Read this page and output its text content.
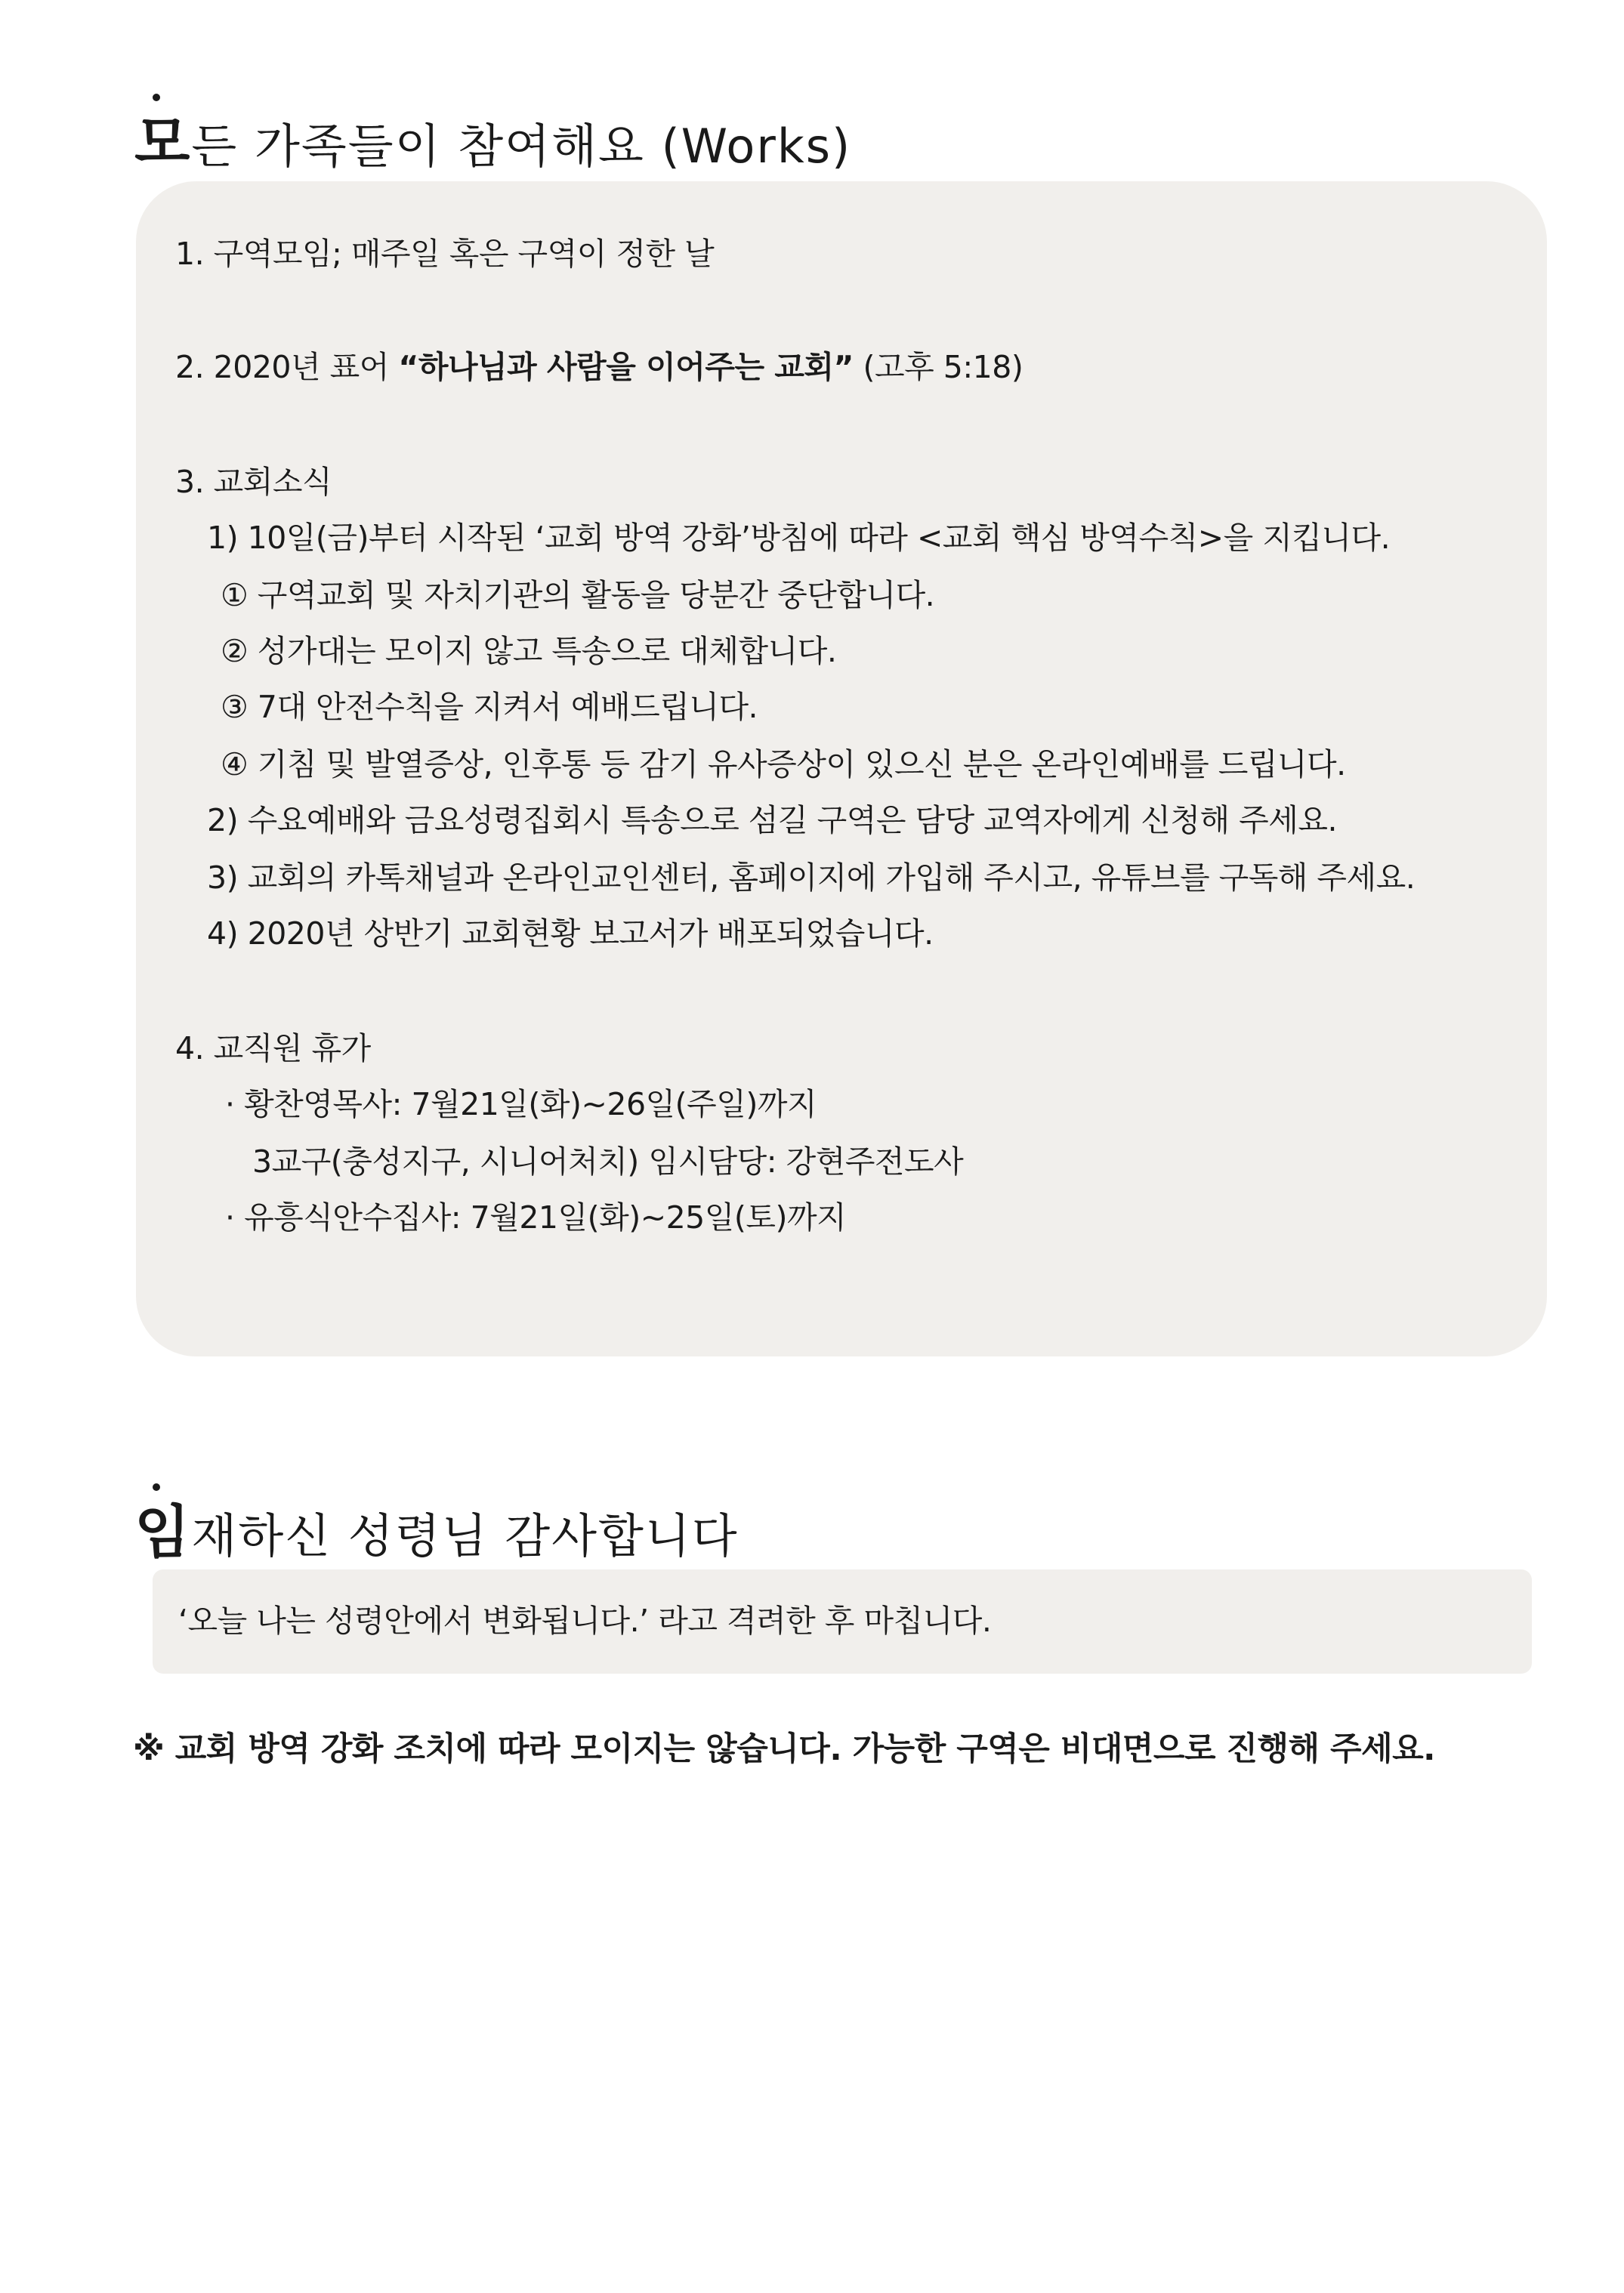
모든 가족들이 참여해요 (Works)
1. 구역모임; 매주일 혹은 구역이 정한 날
2. 2020년 표어 “하나님과 사람을 이어주는 교회” (고후 5:18)
3. 교회소식
1) 10일(금)부터 시작된 ‘교회 방역 강화’방침에 따라 <교회 핵심 방역수칙>을 지킵니다.
① 구역교회 및 자치기관의 활동을 당분간 중단합니다.
② 성가대는 모이지 않고 특송으로 대체합니다.
③ 7대 안전수칙을 지켜서 예배드립니다.
④ 기침 및 발열증상, 인후통 등 감기 유사증상이 있으신 분은 온라인예배를 드립니다.
2) 수요예배와 금요성령집회시 특송으로 섬길 구역은 담당 교역자에게 신청해 주세요.
3) 교회의 카톡채널과 온라인교인센터, 홈페이지에 가입해 주시고, 유튜브를 구독해 주세요.
4) 2020년 상반기 교회현황 보고서가 배포되었습니다.
4. 교직원 휴가
· 황찬영목사: 7월21일(화)~26일(주일)까지
3교구(충성지구, 시니어처치) 임시담당: 강현주전도사
· 유흥식안수집사: 7월21일(화)~25일(토)까지
임재하신 성령님 감사합니다
‘오늘 나는 성령안에서 변화됩니다.’ 라고 격려한 후 마칩니다.
※ 교회 방역 강화 조치에 따라 모이지는 않습니다. 가능한 구역은 비대면으로 진행해 주세요.
